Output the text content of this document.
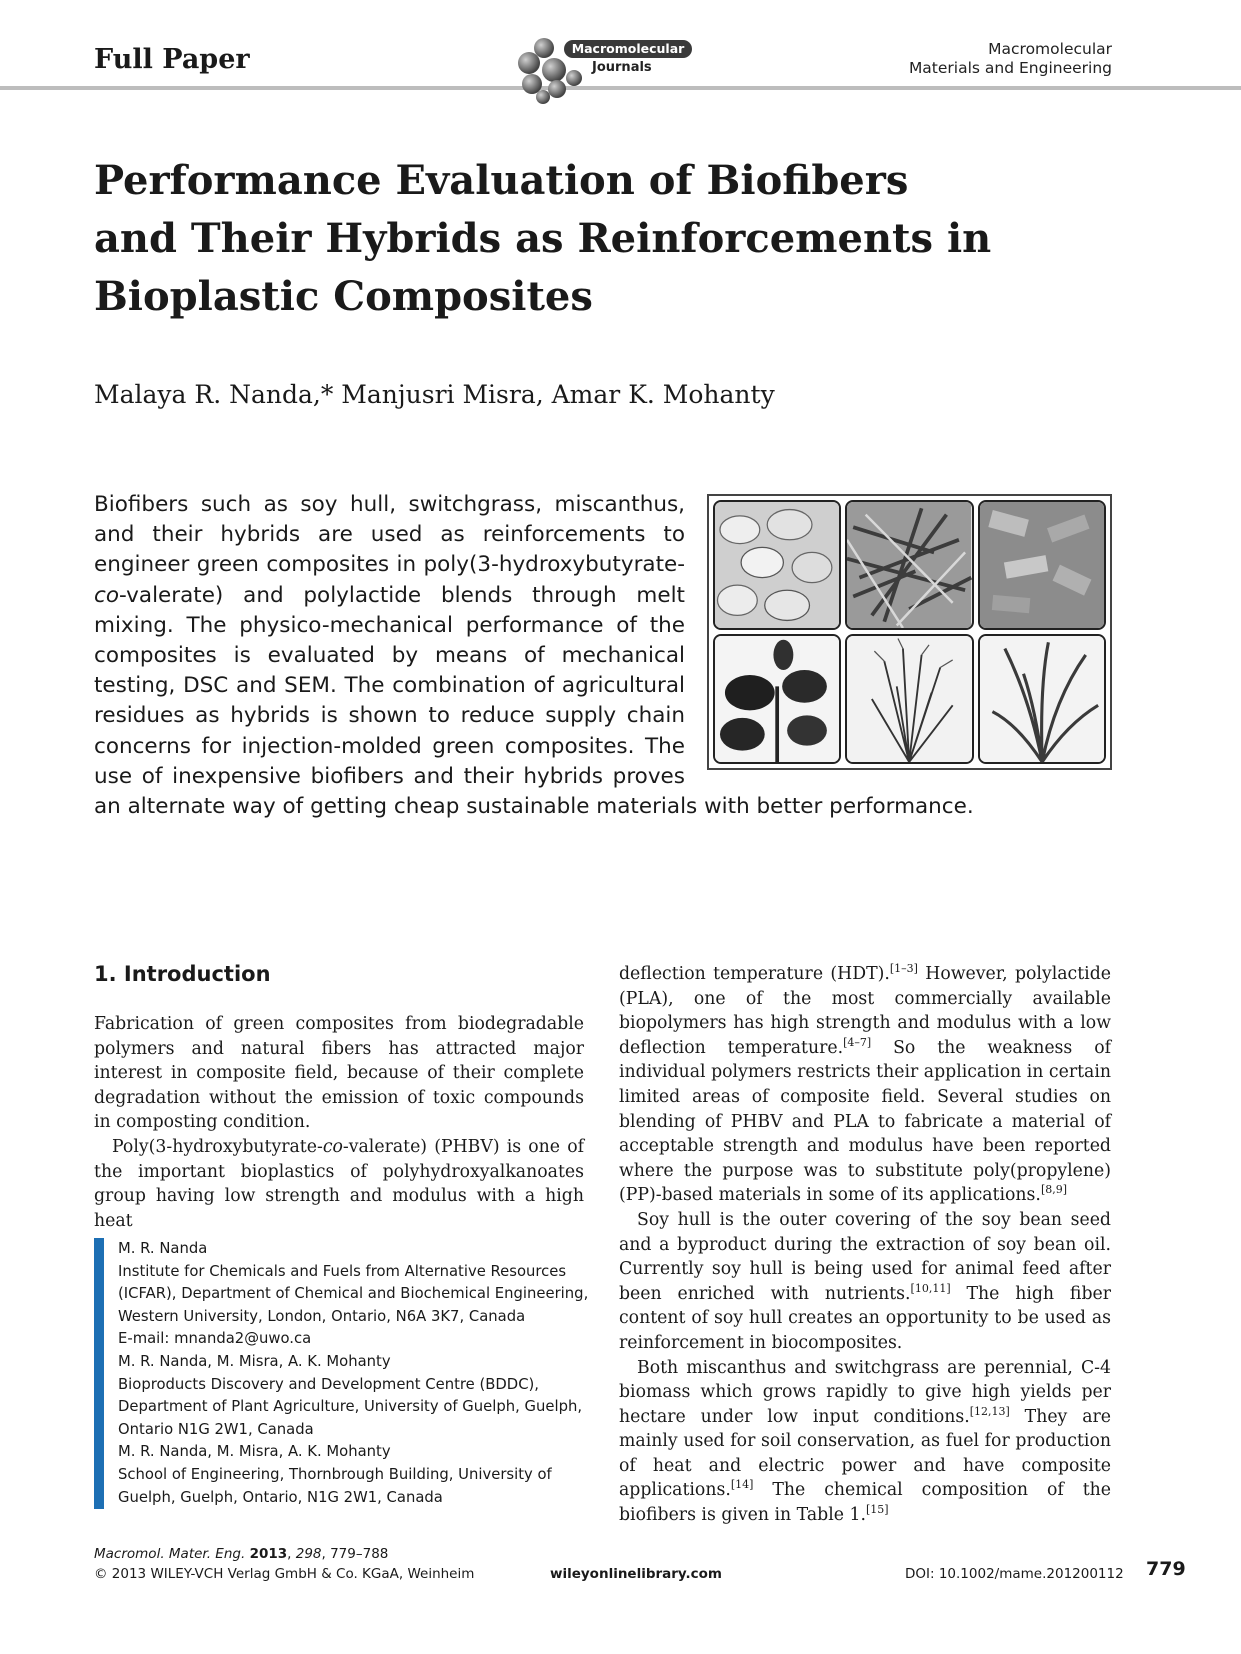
Full Paper	Macromolecular
Journals
Macromolecular
Materials and Engineering
Performance Evaluation of Biofibers and Their Hybrids as Reinforcements in Bioplastic Composites
Malaya R. Nanda,* Manjusri Misra, Amar K. Mohanty

Biofibers such as soy hull, switchgrass, miscanthus, and their hybrids are used as reinforcements to engineer green composites in poly(3-hydroxybutyrate-co-valerate) and polylactide blends through melt mixing. The physico-mechanical performance of the composites is evaluated by means of mechanical testing, DSC and SEM. The combination of agricultural residues as hybrids is shown to reduce supply chain concerns for injection-molded green composites. The use of inexpensive biofibers and their hybrids proves an alternate way of getting cheap sustainable materials with better performance.

1. Introduction

Fabrication of green composites from biodegradable polymers and natural fibers has attracted major interest in composite field, because of their complete degradation without the emission of toxic compounds in composting condition.

Poly(3-hydroxybutyrate-co-valerate) (PHBV) is one of the important bioplastics of polyhydroxyalkanoates group having low strength and modulus with a high heat

deflection temperature (HDT).[1–3] However, polylactide (PLA), one of the most commercially available biopolymers has high strength and modulus with a low deflection temperature.[4–7] So the weakness of individual polymers restricts their application in certain limited areas of composite field. Several studies on blending of PHBV and PLA to fabricate a material of acceptable strength and modulus have been reported where the purpose was to substitute poly(propylene) (PP)-based materials in some of its applications.[8,9]

Soy hull is the outer covering of the soy bean seed and a byproduct during the extraction of soy bean oil. Currently soy hull is being used for animal feed after been enriched with nutrients.[10,11] The high fiber content of soy hull creates an opportunity to be used as reinforcement in biocomposites.

Both miscanthus and switchgrass are perennial, C-4 biomass which grows rapidly to give high yields per hectare under low input conditions.[12,13] They are mainly used for soil conservation, as fuel for production of heat and electric power and have composite applications.[14] The chemical composition of the biofibers is given in Table 1.[15]

M. R. Nanda
Institute for Chemicals and Fuels from Alternative Resources
(ICFAR), Department of Chemical and Biochemical Engineering,
Western University, London, Ontario, N6A 3K7, Canada
E-mail: mnanda2@uwo.ca
M. R. Nanda, M. Misra, A. K. Mohanty
Bioproducts Discovery and Development Centre (BDDC),
Department of Plant Agriculture, University of Guelph, Guelph,
Ontario N1G 2W1, Canada
M. R. Nanda, M. Misra, A. K. Mohanty
School of Engineering, Thornbrough Building, University of
Guelph, Guelph, Ontario, N1G 2W1, Canada
Macromol. Mater. Eng. 2013, 298, 779–788
© 2013 WILEY-VCH Verlag GmbH & Co. KGaA, Weinheim	wileyonlinelibrary.com	DOI: 10.1002/mame.201200112 779
